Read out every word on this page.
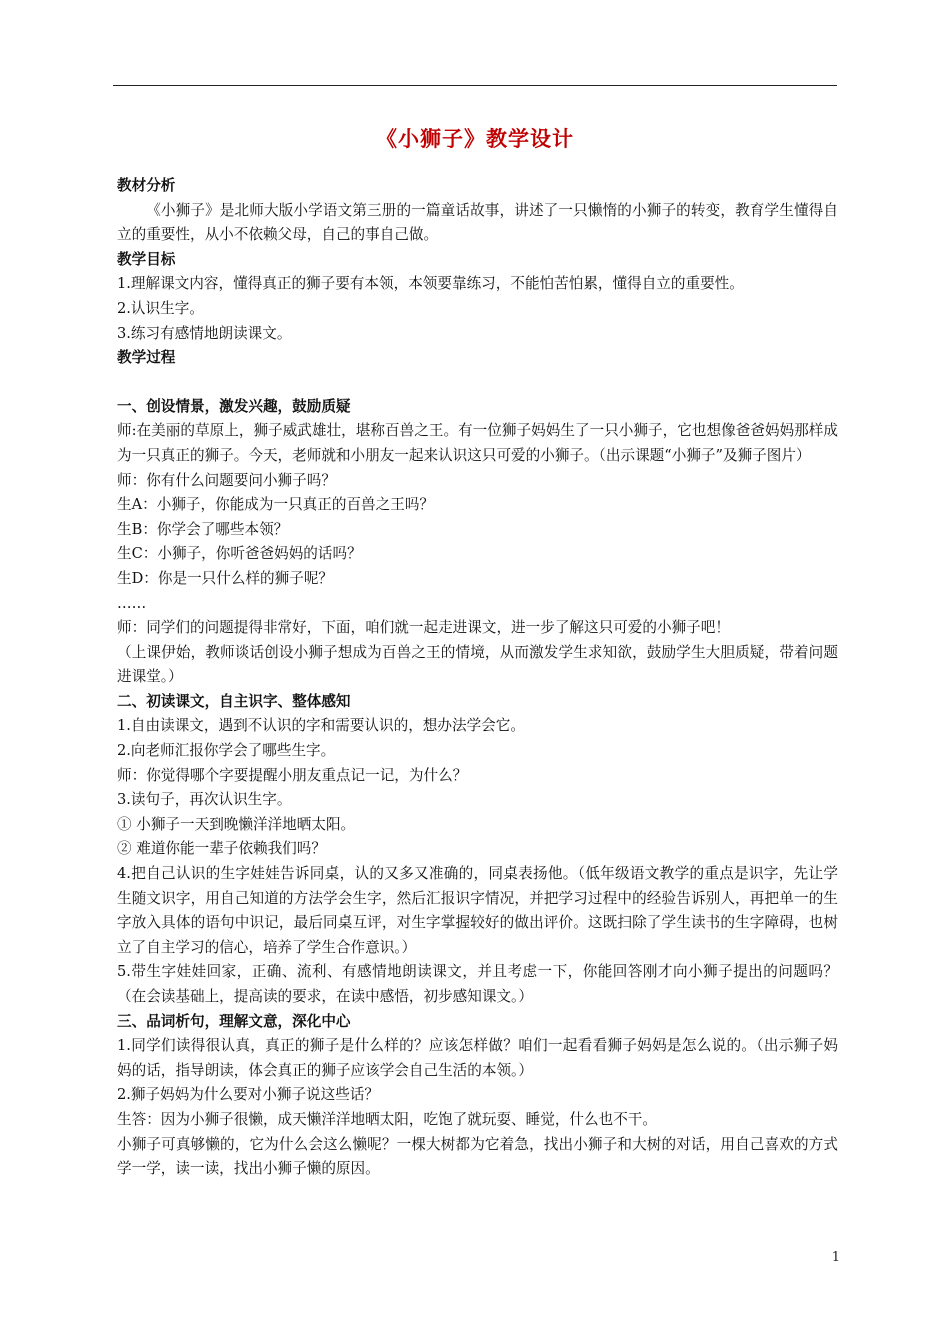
《小狮子》教学设计

教材分析

《小狮子》是北师大版小学语文第三册的一篇童话故事，讲述了一只懒惰的小狮子的转变，教育学生懂得自立的重要性，从小不依赖父母，自己的事自己做。

教学目标

1.理解课文内容，懂得真正的狮子要有本领，本领要靠练习，不能怕苦怕累，懂得自立的重要性。

2.认识生字。

3.练习有感情地朗读课文。

教学过程

一、创设情景，激发兴趣，鼓励质疑

师:在美丽的草原上，狮子威武雄壮，堪称百兽之王。有一位狮子妈妈生了一只小狮子，它也想像爸爸妈妈那样成为一只真正的狮子。今天，老师就和小朋友一起来认识这只可爱的小狮子。（出示课题“小狮子”及狮子图片）

师：你有什么问题要问小狮子吗？

生A：小狮子，你能成为一只真正的百兽之王吗？

生B：你学会了哪些本领？

生C：小狮子，你听爸爸妈妈的话吗？

生D：你是一只什么样的狮子呢？

……

师：同学们的问题提得非常好，下面，咱们就一起走进课文，进一步了解这只可爱的小狮子吧！

（上课伊始，教师谈话创设小狮子想成为百兽之王的情境，从而激发学生求知欲，鼓励学生大胆质疑，带着问题进课堂。）

二、初读课文，自主识字、整体感知

1.自由读课文，遇到不认识的字和需要认识的，想办法学会它。

2.向老师汇报你学会了哪些生字。

师：你觉得哪个字要提醒小朋友重点记一记，为什么？

3.读句子，再次认识生字。

① 小狮子一天到晚懒洋洋地晒太阳。

② 难道你能一辈子依赖我们吗？

4.把自己认识的生字娃娃告诉同桌，认的又多又准确的，同桌表扬他。（低年级语文教学的重点是识字，先让学生随文识字，用自己知道的方法学会生字，然后汇报识字情况，并把学习过程中的经验告诉别人，再把单一的生字放入具体的语句中识记，最后同桌互评，对生字掌握较好的做出评价。这既扫除了学生读书的生字障碍，也树立了自主学习的信心，培养了学生合作意识。）

5.带生字娃娃回家，正确、流利、有感情地朗读课文，并且考虑一下，你能回答刚才向小狮子提出的问题吗？（在会读基础上，提高读的要求，在读中感悟，初步感知课文。）

三、品词析句，理解文意，深化中心

1.同学们读得很认真，真正的狮子是什么样的？应该怎样做？咱们一起看看狮子妈妈是怎么说的。（出示狮子妈妈的话，指导朗读，体会真正的狮子应该学会自己生活的本领。）

2.狮子妈妈为什么要对小狮子说这些话？

生答：因为小狮子很懒，成天懒洋洋地晒太阳，吃饱了就玩耍、睡觉，什么也不干。

小狮子可真够懒的，它为什么会这么懒呢？一棵大树都为它着急，找出小狮子和大树的对话，用自己喜欢的方式学一学，读一读，找出小狮子懒的原因。

1
